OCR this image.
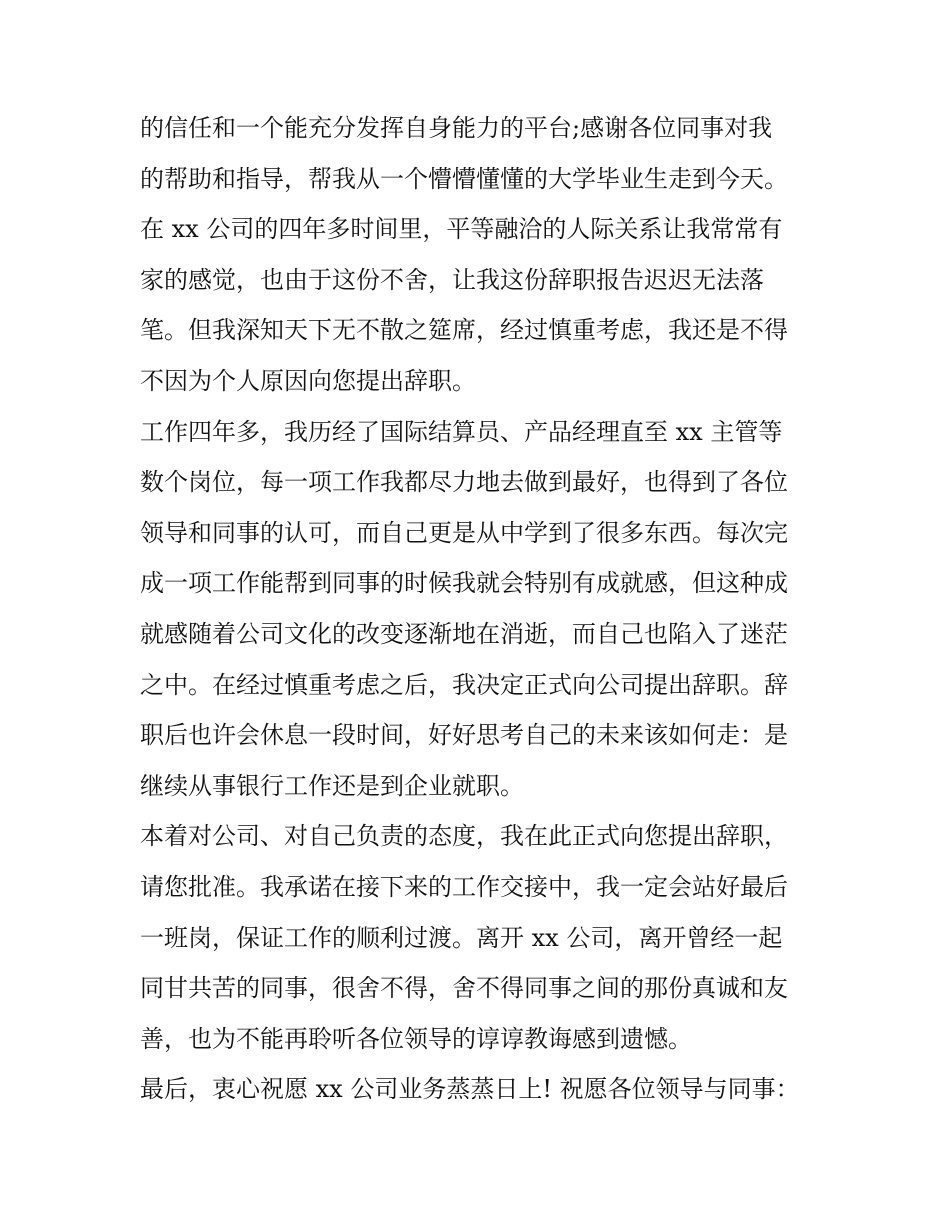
的信任和一个能充分发挥自身能力的平台;感谢各位同事对我
的帮助和指导，帮我从一个懵懵懂懂的大学毕业生走到今天。
在 xx 公司的四年多时间里，平等融洽的人际关系让我常常有
家的感觉，也由于这份不舍，让我这份辞职报告迟迟无法落
笔。但我深知天下无不散之筵席，经过慎重考虑，我还是不得
不因为个人原因向您提出辞职。
工作四年多，我历经了国际结算员、产品经理直至 xx 主管等
数个岗位，每一项工作我都尽力地去做到最好，也得到了各位
领导和同事的认可，而自己更是从中学到了很多东西。每次完
成一项工作能帮到同事的时候我就会特别有成就感，但这种成
就感随着公司文化的改变逐渐地在消逝，而自己也陷入了迷茫
之中。在经过慎重考虑之后，我决定正式向公司提出辞职。辞
职后也许会休息一段时间，好好思考自己的未来该如何走：是
继续从事银行工作还是到企业就职。
本着对公司、对自己负责的态度，我在此正式向您提出辞职，
请您批准。我承诺在接下来的工作交接中，我一定会站好最后
一班岗，保证工作的顺利过渡。离开 xx 公司，离开曾经一起
同甘共苦的同事，很舍不得，舍不得同事之间的那份真诚和友
善，也为不能再聆听各位领导的谆谆教诲感到遗憾。
最后，衷心祝愿 xx 公司业务蒸蒸日上! 祝愿各位领导与同事：
